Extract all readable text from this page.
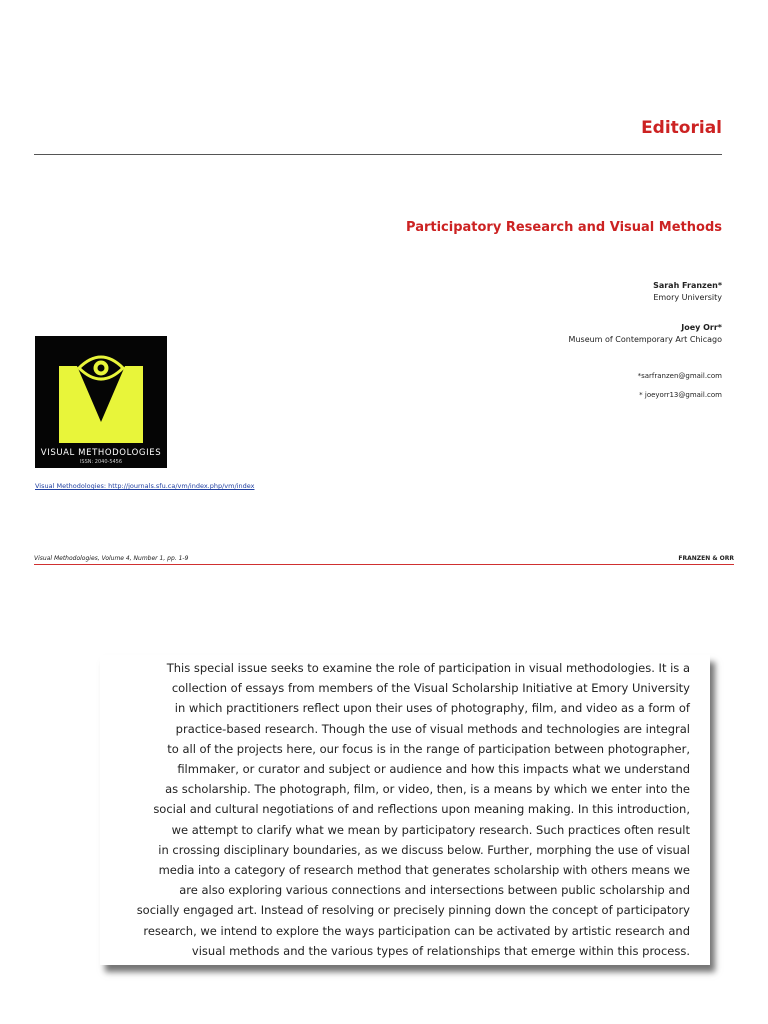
Editorial
Participatory Research and Visual Methods
Sarah Franzen*
Emory University
Joey Orr*
Museum of Contemporary Art Chicago
*sarfranzen@gmail.com
* joeyorr13@gmail.com
VISUAL METHODOLOGIES
ISSN: 2040-5456
Visual Methodologies: http://journals.sfu.ca/vm/index.php/vm/index
Visual Methodologies, Volume 4, Number 1, pp. 1-9	FRANZEN & ORR

This special issue seeks to examine the role of participation in visual methodologies. It is a
collection of essays from members of the Visual Scholarship Initiative at Emory University
in which practitioners reflect upon their uses of photography, film, and video as a form of
practice-based research. Though the use of visual methods and technologies are integral
to all of the projects here, our focus is in the range of participation between photographer,
filmmaker, or curator and subject or audience and how this impacts what we understand
as scholarship. The photograph, film, or video, then, is a means by which we enter into the
social and cultural negotiations of and reflections upon meaning making. In this introduction,
we attempt to clarify what we mean by participatory research. Such practices often result
in crossing disciplinary boundaries, as we discuss below. Further, morphing the use of visual
media into a category of research method that generates scholarship with others means we
are also exploring various connections and intersections between public scholarship and
socially engaged art. Instead of resolving or precisely pinning down the concept of participatory
research, we intend to explore the ways participation can be activated by artistic research and
visual methods and the various types of relationships that emerge within this process.
